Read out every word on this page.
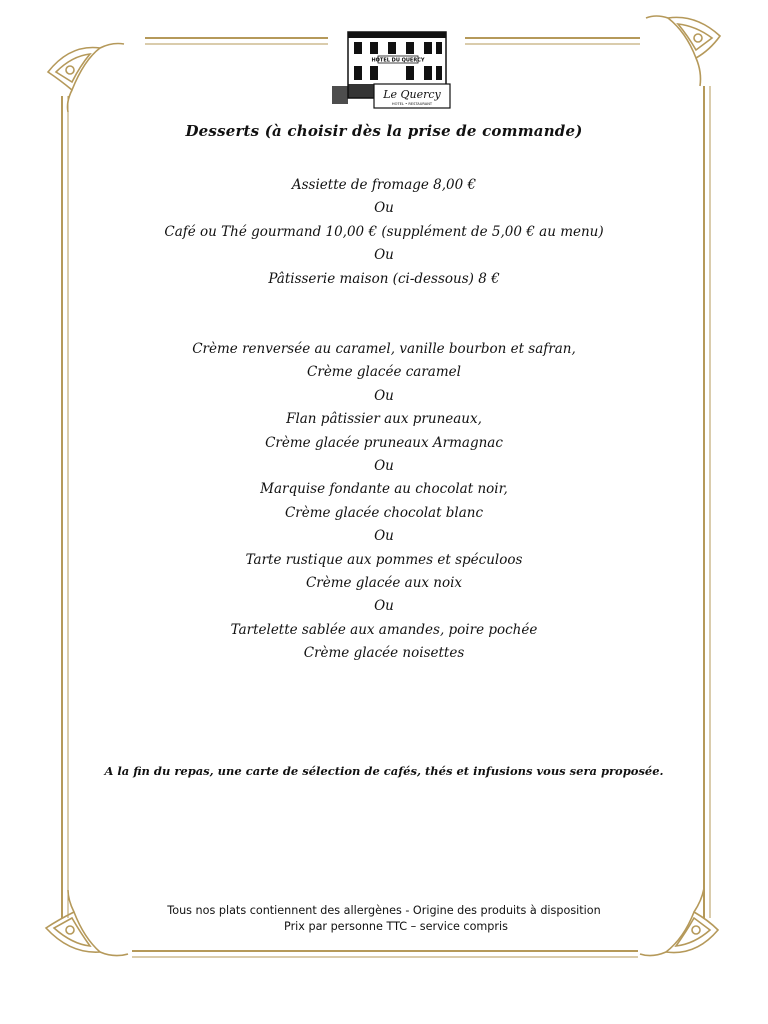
HOTEL DU QUERCY
Le Quercy
HOTEL • RESTAURANT
Desserts (à choisir dès la prise de commande)
Assiette de fromage 8,00 €
Ou
Café ou Thé gourmand 10,00 € (supplément de 5,00 € au menu)
Ou
Pâtisserie maison (ci-dessous) 8 €
Crème renversée au caramel, vanille bourbon et safran,
Crème glacée caramel
Ou
Flan pâtissier aux pruneaux,
Crème glacée pruneaux Armagnac
Ou
Marquise fondante au chocolat noir,
Crème glacée chocolat blanc
Ou
Tarte rustique aux pommes et spéculoos
Crème glacée aux noix
Ou
Tartelette sablée aux amandes, poire pochée
Crème glacée noisettes
A la fin du repas, une carte de sélection de cafés, thés et infusions vous sera proposée.
Tous nos plats contiennent des allergènes - Origine des produits à disposition
Prix par personne TTC – service compris
